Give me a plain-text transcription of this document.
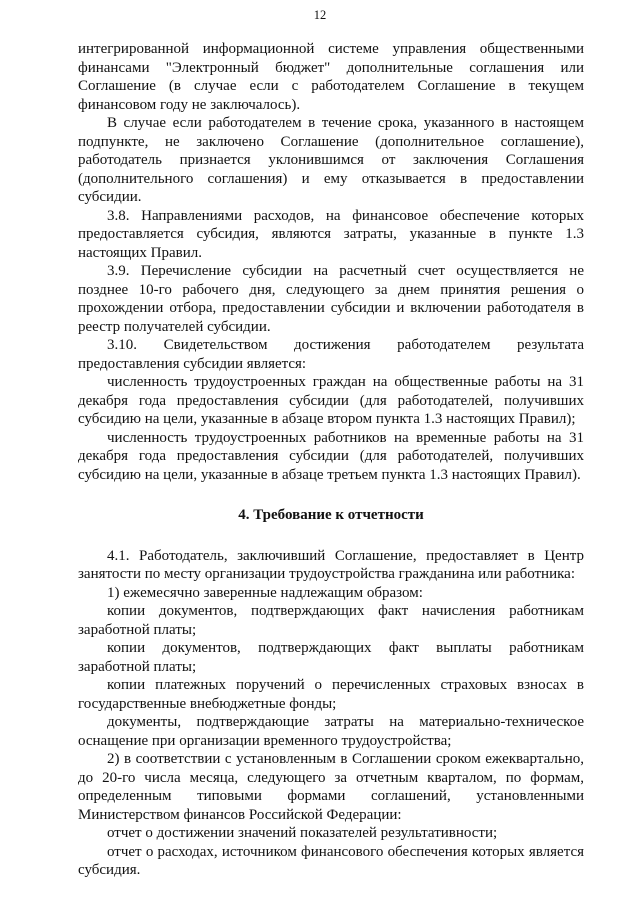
12

интегрированной информационной системе управления общественными финансами "Электронный бюджет" дополнительные соглашения или Соглашение (в случае если с работодателем Соглашение в текущем финансовом году не заключалось).

В случае если работодателем в течение срока, указанного в настоящем подпункте, не заключено Соглашение (дополнительное соглашение), работодатель признается уклонившимся от заключения Соглашения (дополнительного соглашения) и ему отказывается в предоставлении субсидии.

3.8. Направлениями расходов, на финансовое обеспечение которых предоставляется субсидия, являются затраты, указанные в пункте 1.3 настоящих Правил.

3.9. Перечисление субсидии на расчетный счет осуществляется не позднее 10-го рабочего дня, следующего за днем принятия решения о прохождении отбора, предоставлении субсидии и включении работодателя в реестр получателей субсидии.

3.10. Свидетельством достижения работодателем результата предоставления субсидии является:

численность трудоустроенных граждан на общественные работы на 31 декабря года предоставления субсидии (для работодателей, получивших субсидию на цели, указанные в абзаце втором пункта 1.3 настоящих Правил);

численность трудоустроенных работников на временные работы на 31 декабря года предоставления субсидии (для работодателей, получивших субсидию на цели, указанные в абзаце третьем пункта 1.3 настоящих Правил).

4. Требование к отчетности

4.1. Работодатель, заключивший Соглашение, предоставляет в Центр занятости по месту организации трудоустройства гражданина или работника:

1) ежемесячно заверенные надлежащим образом:

копии документов, подтверждающих факт начисления работникам заработной платы;

копии документов, подтверждающих факт выплаты работникам заработной платы;

копии платежных поручений о перечисленных страховых взносах в государственные внебюджетные фонды;

документы, подтверждающие затраты на материально-техническое оснащение при организации временного трудоустройства;

2) в соответствии с установленным в Соглашении сроком ежеквартально, до 20-го числа месяца, следующего за отчетным кварталом, по формам, определенным типовыми формами соглашений, установленными Министерством финансов Российской Федерации:

отчет о достижении значений показателей результативности;

отчет о расходах, источником финансового обеспечения которых является субсидия.
